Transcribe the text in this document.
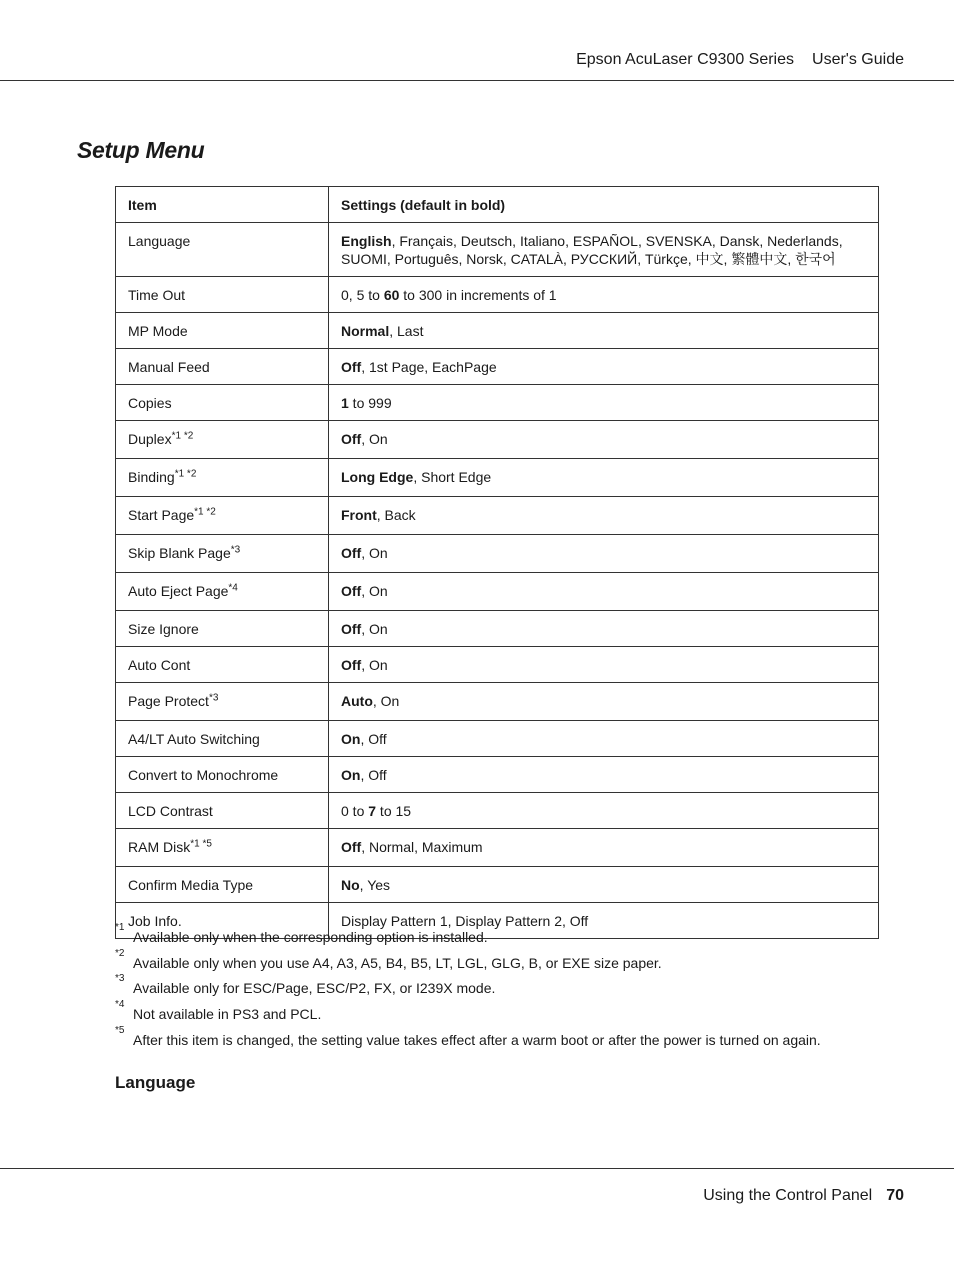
Epson AcuLaser C9300 Series User's Guide
Setup Menu
Item	Settings (default in bold)
Language	English, Français, Deutsch, Italiano, ESPAÑOL, SVENSKA, Dansk, Nederlands, SUOMI, Português, Norsk, CATALÀ, РУССКИЙ, Türkçe, 中文, 繁體中文, 한국어
Time Out	0, 5 to 60 to 300 in increments of 1
MP Mode	Normal, Last
Manual Feed	Off, 1st Page, EachPage
Copies	1 to 999
Duplex$^{*1 *2}$	Off, On
Binding$^{*1 *2}$	Long Edge, Short Edge
Start Page$^{*1 *2}$	Front, Back
Skip Blank Page$^{*3}$	Off, On
Auto Eject Page$^{*4}$	Off, On
Size Ignore	Off, On
Auto Cont	Off, On
Page Protect$^{*3}$	Auto, On
A4/LT Auto Switching	On, Off
Convert to Monochrome	On, Off
LCD Contrast	0 to 7 to 15
RAM Disk$^{*1 *5}$	Off, Normal, Maximum
Confirm Media Type	No, Yes
Job Info.	Display Pattern 1, Display Pattern 2, Off
*1
Available only when the corresponding option is installed.
*2
Available only when you use A4, A3, A5, B4, B5, LT, LGL, GLG, B, or EXE size paper.
*3
Available only for ESC/Page, ESC/P2, FX, or I239X mode.
*4
Not available in PS3 and PCL.
*5
After this item is changed, the setting value takes effect after a warm boot or after the power is turned on again.
Language
Using the Control Panel 70
